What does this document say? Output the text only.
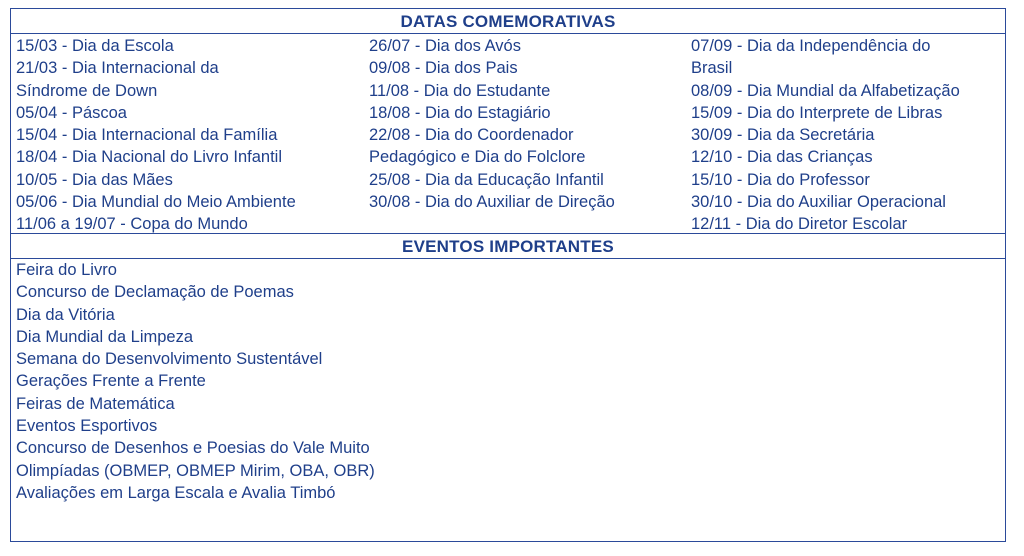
DATAS COMEMORATIVAS
15/03 - Dia da Escola
21/03 - Dia Internacional da
Síndrome de Down
05/04 - Páscoa
15/04 - Dia Internacional da Família
18/04 - Dia Nacional do Livro Infantil
10/05 - Dia das Mães
05/06 - Dia Mundial do Meio Ambiente
11/06 a 19/07 - Copa do Mundo
26/07 - Dia dos Avós
09/08 - Dia dos Pais
11/08 - Dia do Estudante
18/08 - Dia do Estagiário
22/08 - Dia do Coordenador
Pedagógico e Dia do Folclore
25/08 - Dia da Educação Infantil
30/08 - Dia do Auxiliar de Direção
07/09 - Dia da Independência do
Brasil
08/09 - Dia Mundial da Alfabetização
15/09 - Dia do Interprete de Libras
30/09 - Dia da Secretária
12/10 - Dia das Crianças
15/10 - Dia do Professor
30/10 - Dia do Auxiliar Operacional
12/11 - Dia do Diretor Escolar
EVENTOS IMPORTANTES
Feira do Livro
Concurso de Declamação de Poemas
Dia da Vitória
Dia Mundial da Limpeza
Semana do Desenvolvimento Sustentável
Gerações Frente a Frente
Feiras de Matemática
Eventos Esportivos
Concurso de Desenhos e Poesias do Vale Muito
Olimpíadas (OBMEP, OBMEP Mirim, OBA, OBR)
Avaliações em Larga Escala e Avalia Timbó
